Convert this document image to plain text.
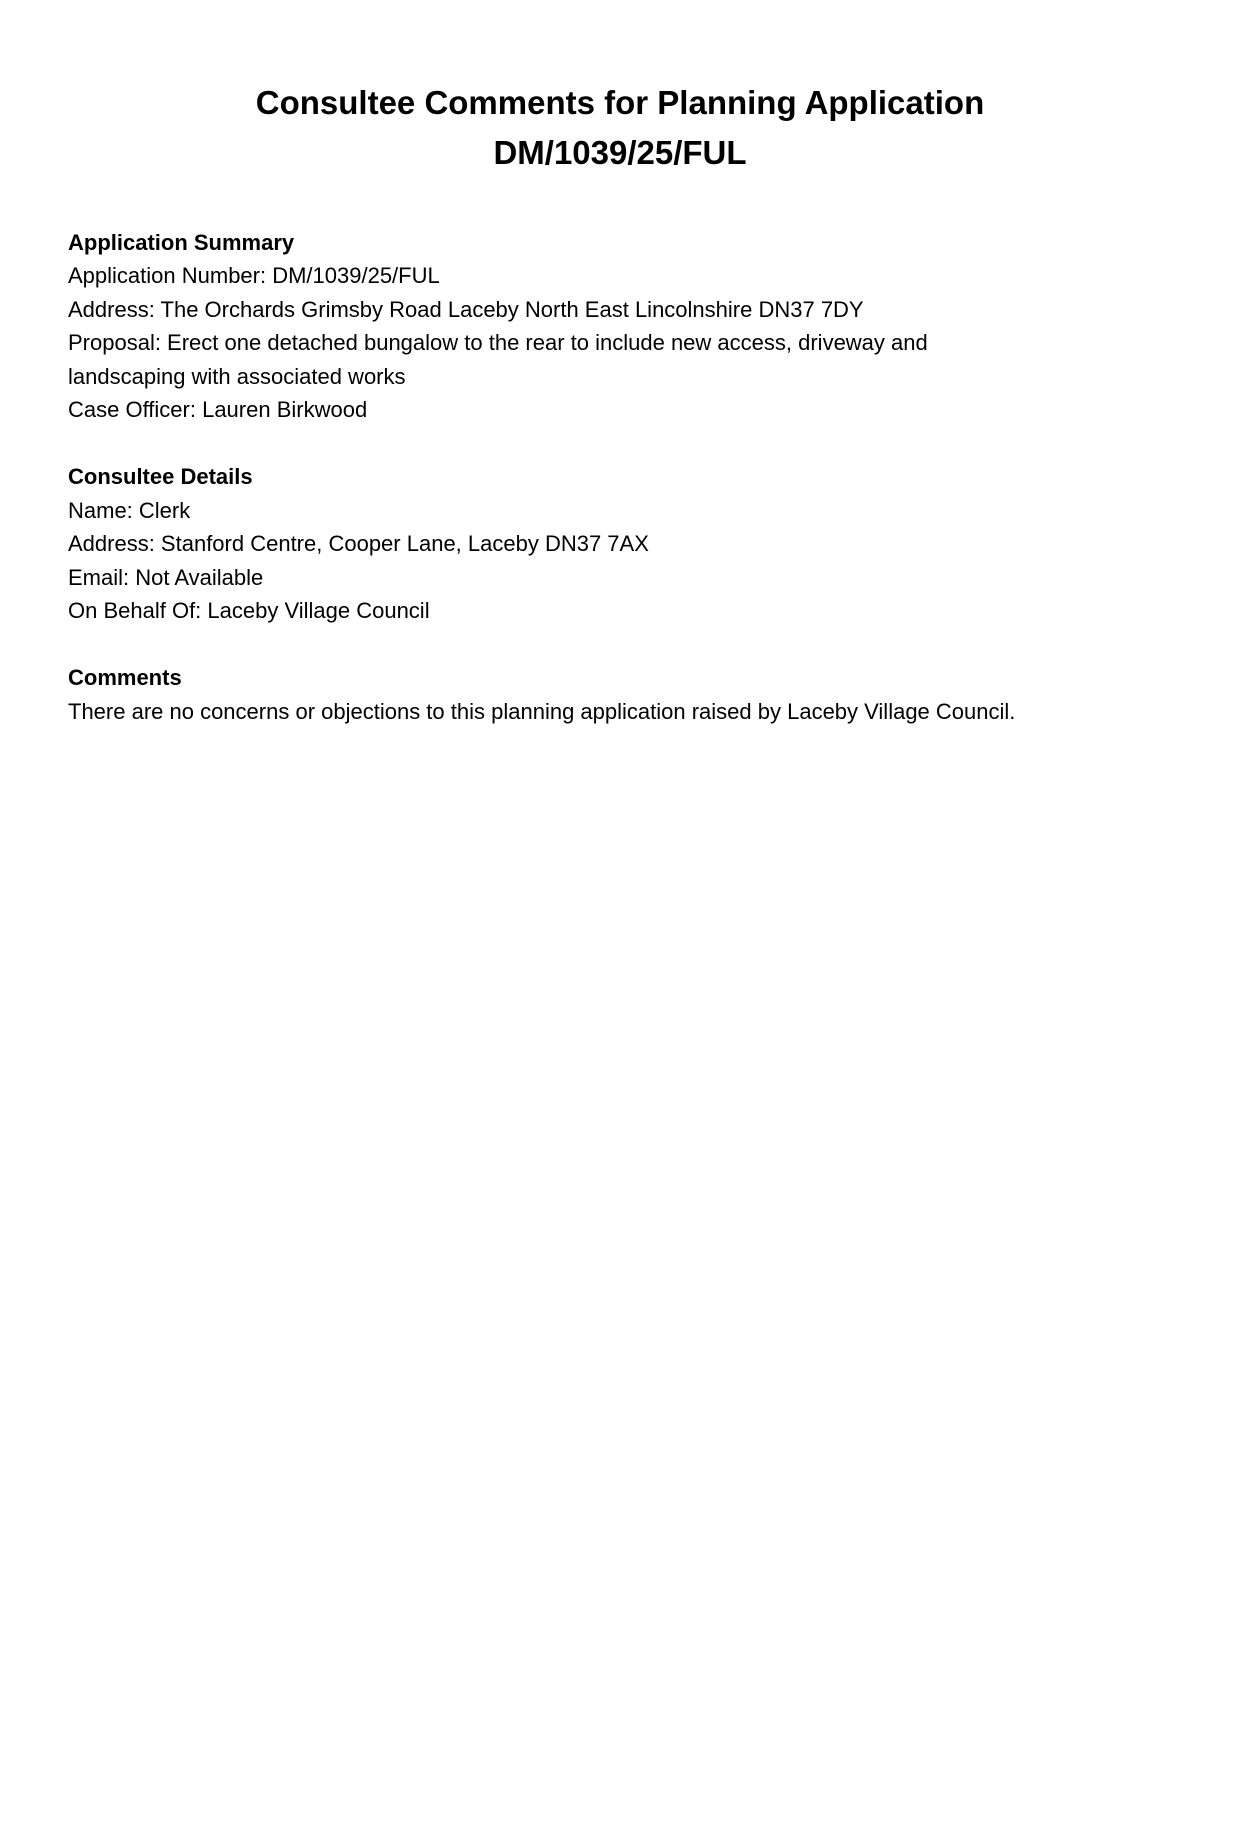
Consultee Comments for Planning Application
DM/1039/25/FUL
Application Summary

Application Number: DM/1039/25/FUL

Address: The Orchards Grimsby Road Laceby North East Lincolnshire DN37 7DY

Proposal: Erect one detached bungalow to the rear to include new access, driveway and landscaping with associated works

Case Officer: Lauren Birkwood

Consultee Details

Name: Clerk

Address: Stanford Centre, Cooper Lane, Laceby DN37 7AX

Email: Not Available

On Behalf Of: Laceby Village Council

Comments

There are no concerns or objections to this planning application raised by Laceby Village Council.
